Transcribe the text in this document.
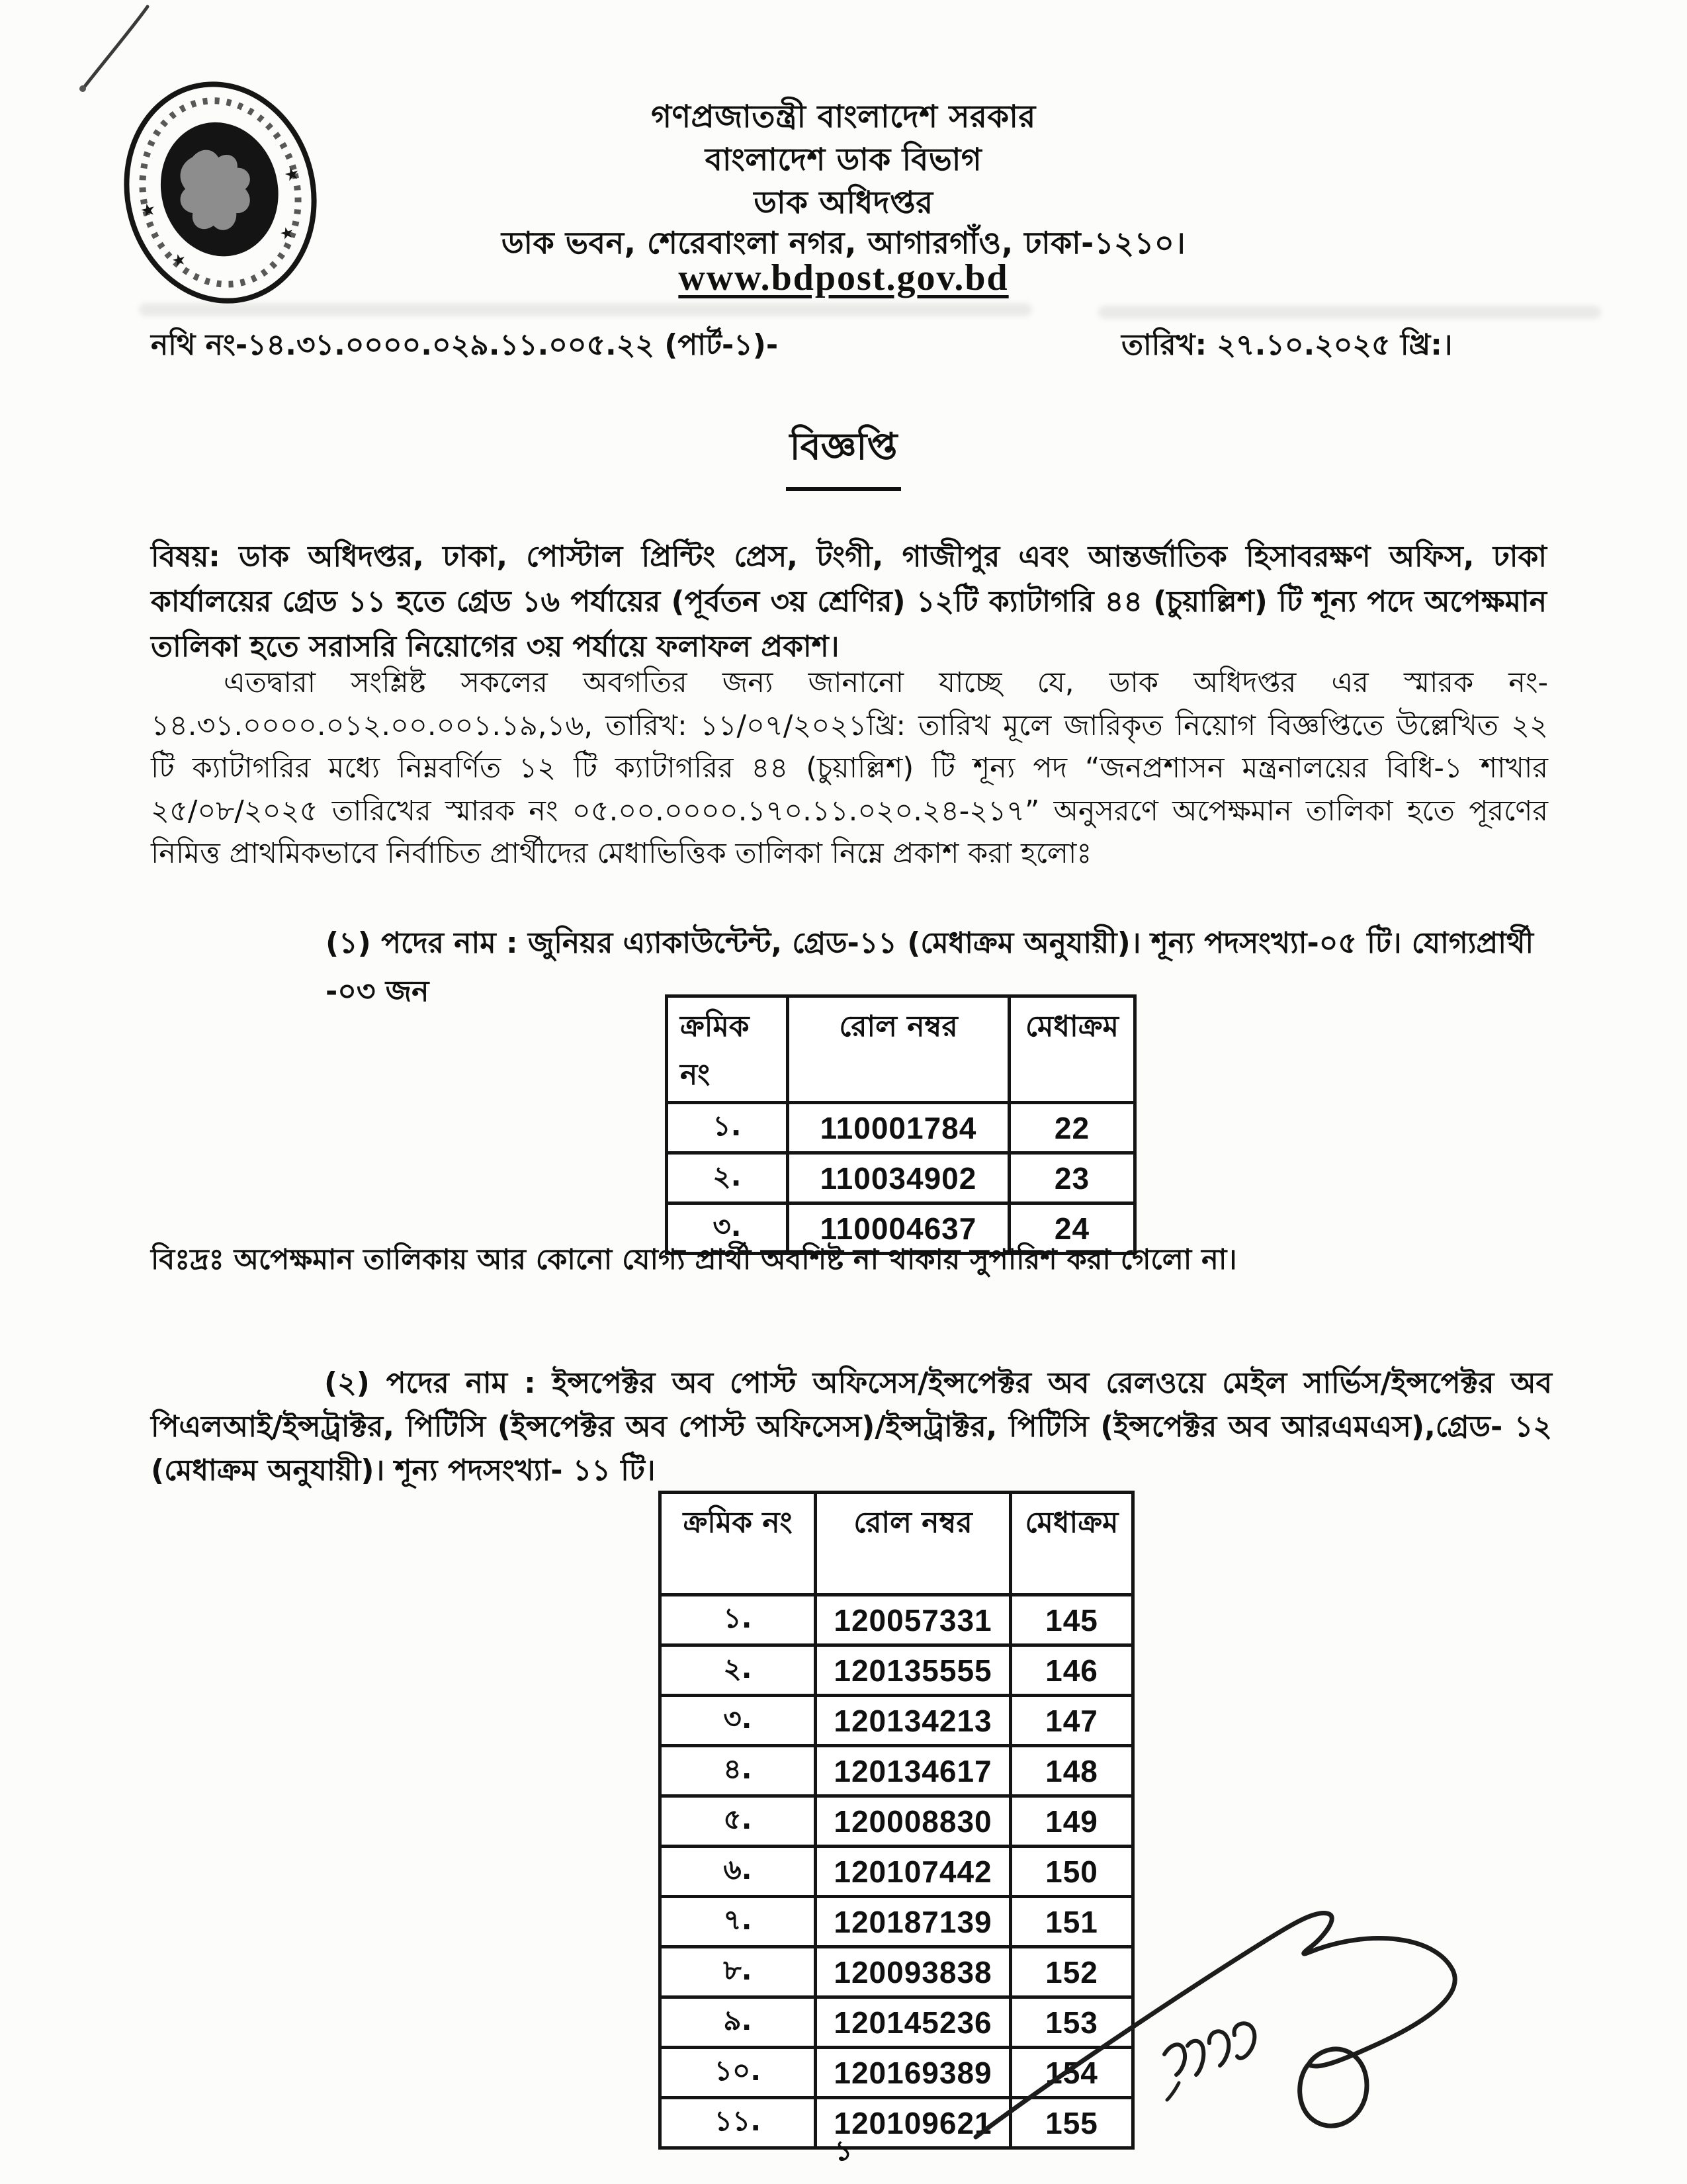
★
★
★
★
গণপ্রজাতন্ত্রী বাংলাদেশ সরকার
বাংলাদেশ ডাক বিভাগ
ডাক অধিদপ্তর
ডাক ভবন, শেরেবাংলা নগর, আগারগাঁও, ঢাকা-১২১০।
www.bdpost.gov.bd
নথি নং-১৪.৩১.০০০০.০২৯.১১.০০৫.২২ (পার্ট-১)-	তারিখ: ২৭.১০.২০২৫ খ্রি:।
বিজ্ঞপ্তি
বিষয়: ডাক অধিদপ্তর, ঢাকা, পোস্টাল প্রিন্টিং প্রেস, টংগী, গাজীপুর এবং আন্তর্জাতিক হিসাবরক্ষণ অফিস, ঢাকা কার্যালয়ের গ্রেড ১১ হতে গ্রেড ১৬ পর্যায়ের (পূর্বতন ৩য় শ্রেণির) ১২টি ক্যাটাগরি ৪৪ (চুয়াল্লিশ) টি শূন্য পদে অপেক্ষমান তালিকা হতে সরাসরি নিয়োগের ৩য় পর্যায়ে ফলাফল প্রকাশ।
এতদ্বারা সংশ্লিষ্ট সকলের অবগতির জন্য জানানো যাচ্ছে যে, ডাক অধিদপ্তর এর স্মারক নং- ১৪.৩১.০০০০.০১২.০০.০০১.১৯,১৬, তারিখ: ১১/০৭/২০২১খ্রি: তারিখ মূলে জারিকৃত নিয়োগ বিজ্ঞপ্তিতে উল্লেখিত ২২ টি ক্যাটাগরির মধ্যে নিম্নবর্ণিত ১২ টি ক্যাটাগরির ৪৪ (চুয়াল্লিশ) টি শূন্য পদ “জনপ্রশাসন মন্ত্রনালয়ের বিধি-১ শাখার ২৫/০৮/২০২৫ তারিখের স্মারক নং ০৫.০০.০০০০.১৭০.১১.০২০.২৪-২১৭” অনুসরণে অপেক্ষমান তালিকা হতে পূরণের নিমিত্ত প্রাথমিকভাবে নির্বাচিত প্রার্থীদের মেধাভিত্তিক তালিকা নিম্নে প্রকাশ করা হলোঃ
(১) পদের নাম : জুনিয়র এ্যাকাউন্টেন্ট, গ্রেড-১১ (মেধাক্রম অনুযায়ী)। শূন্য পদসংখ্যা-০৫ টি। যোগ্যপ্রার্থী -০৩ জন
ক্রমিক নং	রোল নম্বর	মেধাক্রম
১.	110001784	22
২.	110034902	23
৩.	110004637	24
বিঃদ্রঃ অপেক্ষমান তালিকায় আর কোনো যোগ্য প্রার্থী অবশিষ্ট না থাকায় সুপারিশ করা গেলো না।
(২) পদের নাম : ইন্সপেক্টর অব পোস্ট অফিসেস/ইন্সপেক্টর অব রেলওয়ে মেইল সার্ভিস/ইন্সপেক্টর অব পিএলআই/ইন্সট্রাক্টর, পিটিসি (ইন্সপেক্টর অব পোস্ট অফিসেস)/ইন্সট্রাক্টর, পিটিসি (ইন্সপেক্টর অব আরএমএস),গ্রেড- ১২ (মেধাক্রম অনুযায়ী)। শূন্য পদসংখ্যা- ১১ টি।
ক্রমিক নং	রোল নম্বর	মেধাক্রম
১.	120057331	145
২.	120135555	146
৩.	120134213	147
৪.	120134617	148
৫.	120008830	149
৬.	120107442	150
৭.	120187139	151
৮.	120093838	152
৯.	120145236	153
১০.	120169389	154
১১.	120109621	155
১
